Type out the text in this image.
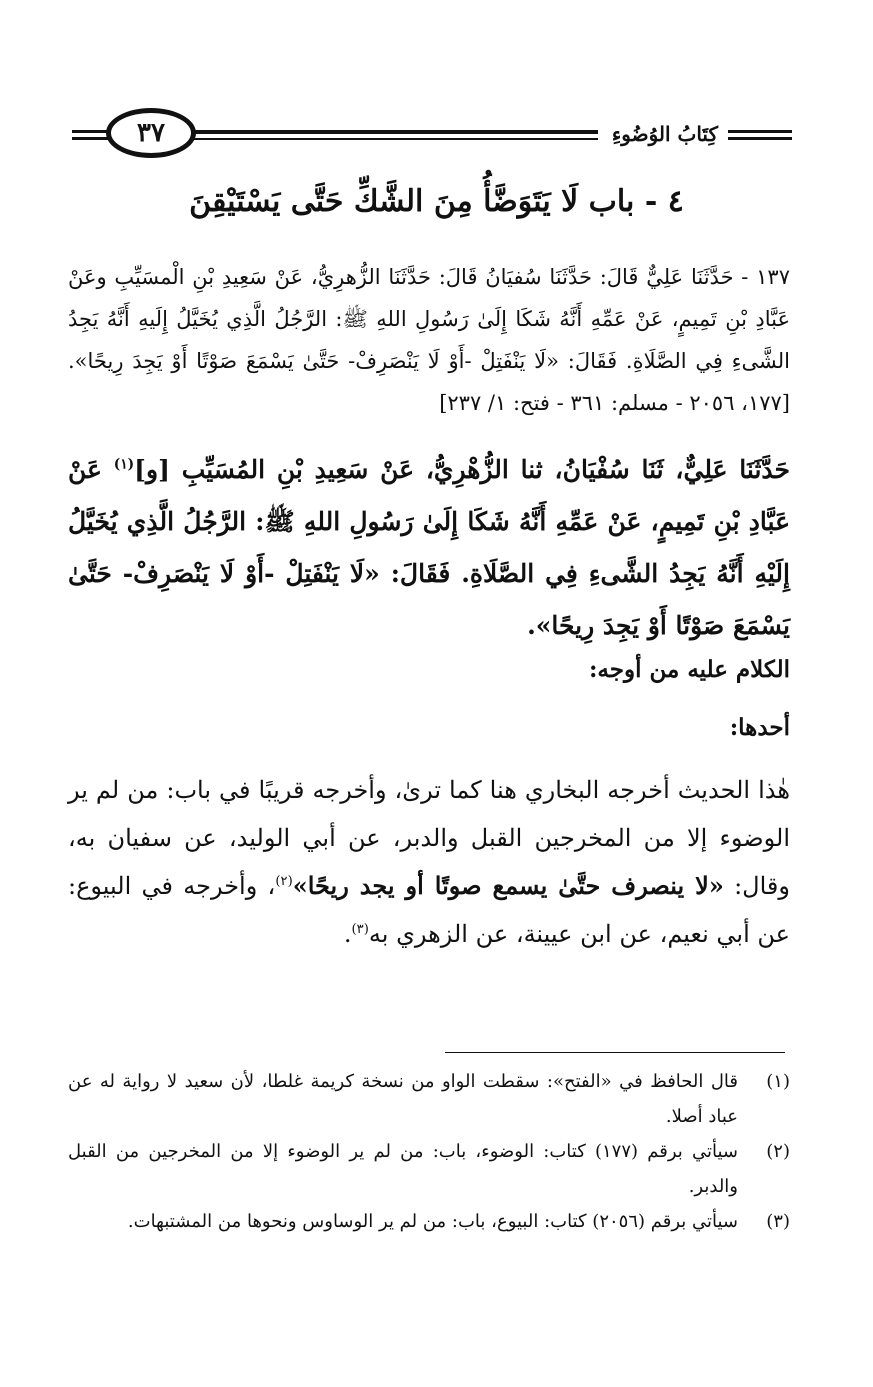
كِتَابُ الوُضُوءِ
٣٧
٤ - باب لَا يَتَوَضَّأُ مِنَ الشَّكِّ حَتَّى يَسْتَيْقِنَ
١٣٧ - حَدَّثَنَا عَلِيٌّ قَالَ: حَدَّثَنَا سُفيَانُ قَالَ: حَدَّثَنَا الزُّهرِيُّ، عَنْ سَعِيدِ بْنِ الْمسَيِّبِ وعَنْ عَبَّادِ بْنِ تَمِيمٍ، عَنْ عَمِّهِ أَنَّهُ شَكَا إِلَىٰ رَسُولِ اللهِ ﷺ: الرَّجُلُ الَّذِي يُخَيَّلُ إِلَيهِ أَنَّهُ يَجِدُ الشَّىءِ فِي الصَّلَاةِ. فَقَالَ: «لَا يَنْفَتِلْ -أَوْ لَا يَنْصَرِفْ- حَتَّىٰ يَسْمَعَ صَوْتًا أَوْ يَجِدَ رِيحًا». [١٧٧، ٢٠٥٦ - مسلم: ٣٦١ - فتح: ١/ ٢٣٧]
حَدَّثَنَا عَلِيٌّ، ثَنَا سُفْيَانُ، ثنا الزُّهْرِيُّ، عَنْ سَعِيدِ بْنِ المُسَيِّبِ [و]$^{(١)}$ عَنْ عَبَّادِ بْنِ تَمِيمٍ، عَنْ عَمِّهِ أَنَّهُ شَكَا إِلَىٰ رَسُولِ اللهِ ﷺ: الرَّجُلُ الَّذِي يُخَيَّلُ إِلَيْهِ أَنَّهُ يَجِدُ الشَّىءِ فِي الصَّلَاةِ. فَقَالَ: «لَا يَنْفَتِلْ -أَوْ لَا يَنْصَرِفْ- حَتَّىٰ يَسْمَعَ صَوْتًا أَوْ يَجِدَ رِيحًا».
الكلام عليه من أوجه:
أحدها:
هٰذا الحديث أخرجه البخاري هنا كما ترىٰ، وأخرجه قريبًا في باب: من لم ير الوضوء إلا من المخرجين القبل والدبر، عن أبي الوليد، عن سفيان به، وقال: «لا ينصرف حتَّىٰ يسمع صوتًا أو يجد ريحًا»$^{(٢)}$، وأخرجه في البيوع: عن أبي نعيم، عن ابن عيينة، عن الزهري به$^{(٣)}$.
(١)
قال الحافظ في «الفتح»: سقطت الواو من نسخة كريمة غلطا، لأن سعيد لا رواية له عن عباد أصلا.
(٢)
سيأتي برقم (١٧٧) كتاب: الوضوء، باب: من لم ير الوضوء إلا من المخرجين من القبل والدبر.
(٣)
سيأتي برقم (٢٠٥٦) كتاب: البيوع، باب: من لم ير الوساوس ونحوها من المشتبهات.
